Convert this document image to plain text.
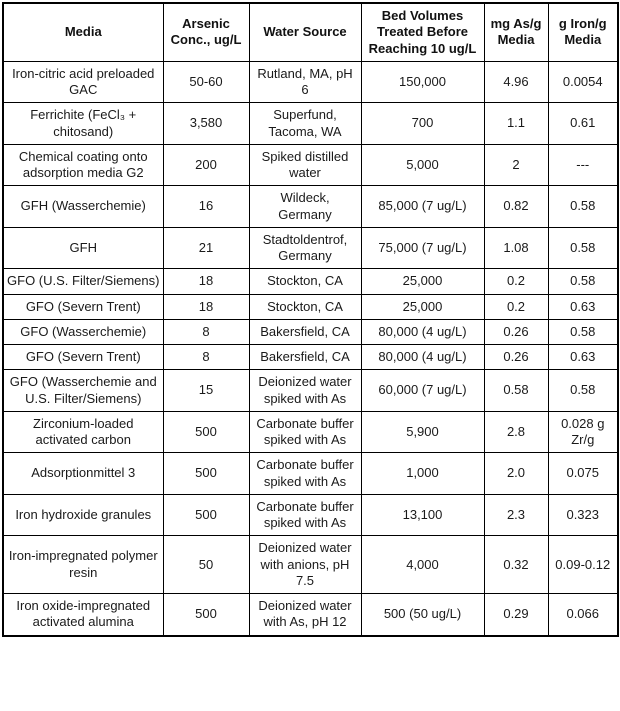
Media	Arsenic Conc., ug/L	Water Source	Bed Volumes Treated Before Reaching 10 ug/L	mg As/g Media	g Iron/g Media
Iron-citric acid preloaded GAC	50-60	Rutland, MA, pH 6	150,000	4.96	0.0054
Ferrichite (FeCl₃ + chitosand)	3,580	Superfund, Tacoma, WA	700	1.1	0.61
Chemical coating onto adsorption media G2	200	Spiked distilled water	5,000	2	---
GFH (Wasserchemie)	16	Wildeck, Germany	85,000 (7 ug/L)	0.82	0.58
GFH	21	Stadtoldentrof, Germany	75,000 (7 ug/L)	1.08	0.58
GFO (U.S. Filter/Siemens)	18	Stockton, CA	25,000	0.2	0.58
GFO (Severn Trent)	18	Stockton, CA	25,000	0.2	0.63
GFO (Wasserchemie)	8	Bakersfield, CA	80,000 (4 ug/L)	0.26	0.58
GFO (Severn Trent)	8	Bakersfield, CA	80,000 (4 ug/L)	0.26	0.63
GFO (Wasserchemie and U.S. Filter/Siemens)	15	Deionized water spiked with As	60,000 (7 ug/L)	0.58	0.58
Zirconium-loaded activated carbon	500	Carbonate buffer spiked with As	5,900	2.8	0.028 g Zr/g
Adsorptionmittel 3	500	Carbonate buffer spiked with As	1,000	2.0	0.075
Iron hydroxide granules	500	Carbonate buffer spiked with As	13,100	2.3	0.323
Iron-impregnated polymer resin	50	Deionized water with anions, pH 7.5	4,000	0.32	0.09-0.12
Iron oxide-impregnated activated alumina	500	Deionized water with As, pH 12	500 (50 ug/L)	0.29	0.066
